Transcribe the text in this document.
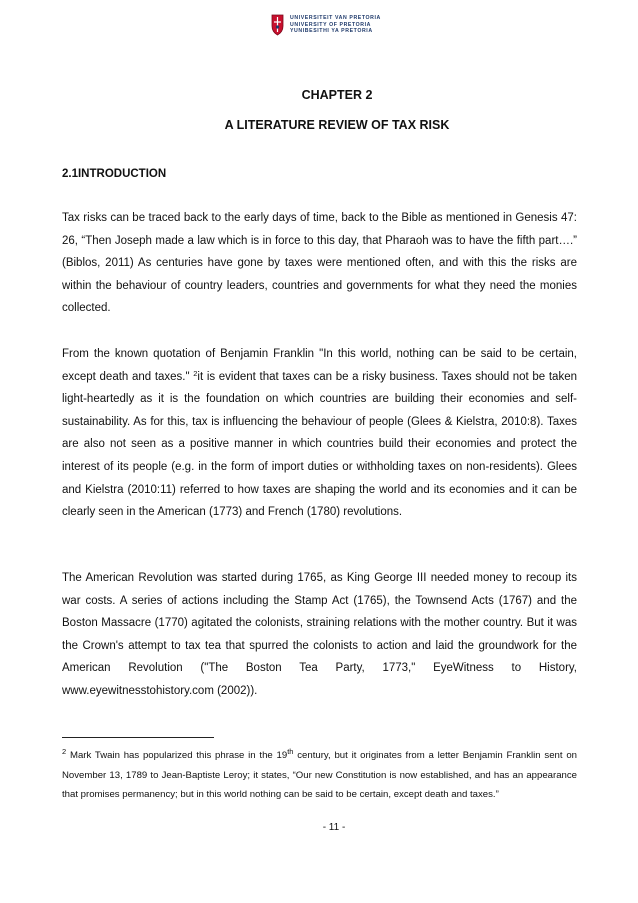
UNIVERSITEIT VAN PRETORIA
UNIVERSITY OF PRETORIA
YUNIBESITHI YA PRETORIA
CHAPTER 2
A LITERATURE REVIEW OF TAX RISK
2.1INTRODUCTION

Tax risks can be traced back to the early days of time, back to the Bible as mentioned in Genesis 47: 26, “Then Joseph made a law which is in force to this day, that Pharaoh was to have the fifth part….” (Biblos, 2011) As centuries have gone by taxes were mentioned often, and with this the risks are within the behaviour of country leaders, countries and governments for what they need the monies collected.

From the known quotation of Benjamin Franklin "In this world, nothing can be said to be certain, except death and taxes." $^2$it is evident that taxes can be a risky business. Taxes should not be taken light-heartedly as it is the foundation on which countries are building their economies and self-sustainability. As for this, tax is influencing the behaviour of people (Glees & Kielstra, 2010:8). Taxes are also not seen as a positive manner in which countries build their economies and protect the interest of its people (e.g. in the form of import duties or withholding taxes on non-residents). Glees and Kielstra (2010:11) referred to how taxes are shaping the world and its economies and it can be clearly seen in the American (1773) and French (1780) revolutions.

The American Revolution was started during 1765, as King George III needed money to recoup its war costs. A series of actions including the Stamp Act (1765), the Townsend Acts (1767) and the Boston Massacre (1770) agitated the colonists, straining relations with the mother country. But it was the Crown's attempt to tax tea that spurred the colonists to action and laid the groundwork for the American Revolution ("The Boston Tea Party, 1773," EyeWitness to History, www.eyewitnesstohistory.com (2002)).

$^2$ Mark Twain has popularized this phrase in the 19th century, but it originates from a letter Benjamin Franklin sent on November 13, 1789 to Jean-Baptiste Leroy; it states, “Our new Constitution is now established, and has an appearance that promises permanency; but in this world nothing can be said to be certain, except death and taxes.”

- 11 -
